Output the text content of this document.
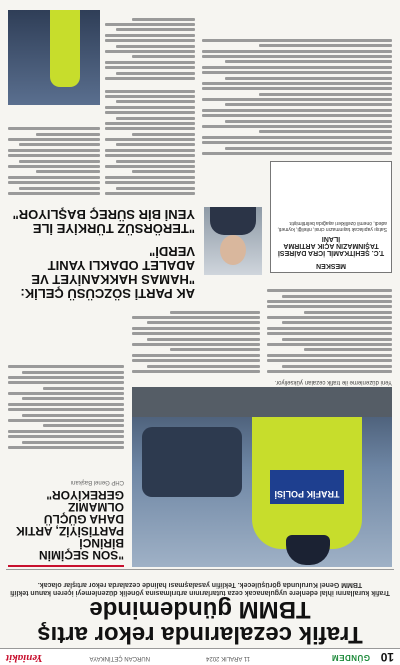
10
GÜNDEM
11 ARALIK 2024
NURCAN ÇETİNKAYA
Yeniakit
Trafik cezalarında rekor artış TBMM gündeminde
Trafik kurallarını ihlal edenlere uygulanacak ceza tutarlarının artırılmasına yönelik düzenlemeyi içeren kanun teklifi TBMM Genel Kurulunda görüşülecek. Teklifin yasalaşması halinde cezalarda rekor artışlar olacak.
TRAFİK POLİSİ
Yeni düzenleme ile trafik cezaları yükseliyor.
"SON SEÇİMİN BİRİNCİ PARTİSİYİZ, ARTIK DAHA GÜÇLÜ OLMAMIZ GEREKİYOR"
CHP Genel Başkanı
AK PARTİ SÖZCÜSÜ ÇELİK: "HAMAS HAKKANİYET VE ADALET ODAKLI YANIT VERDİ"
"TERÖRSÜZ TÜRKİYE İLE YENİ BİR SÜREÇ BAŞLIYOR"
MESKEN
T.C. ŞEHİTKAMİL İCRA DAİRESİ TAŞINMAZIN AÇIK ARTIRMA İLANI
Satışı yapılacak taşınmazın cinsi, niteliği, kıymeti, adedi, önemli özellikleri aşağıda belirtilmiştir.
